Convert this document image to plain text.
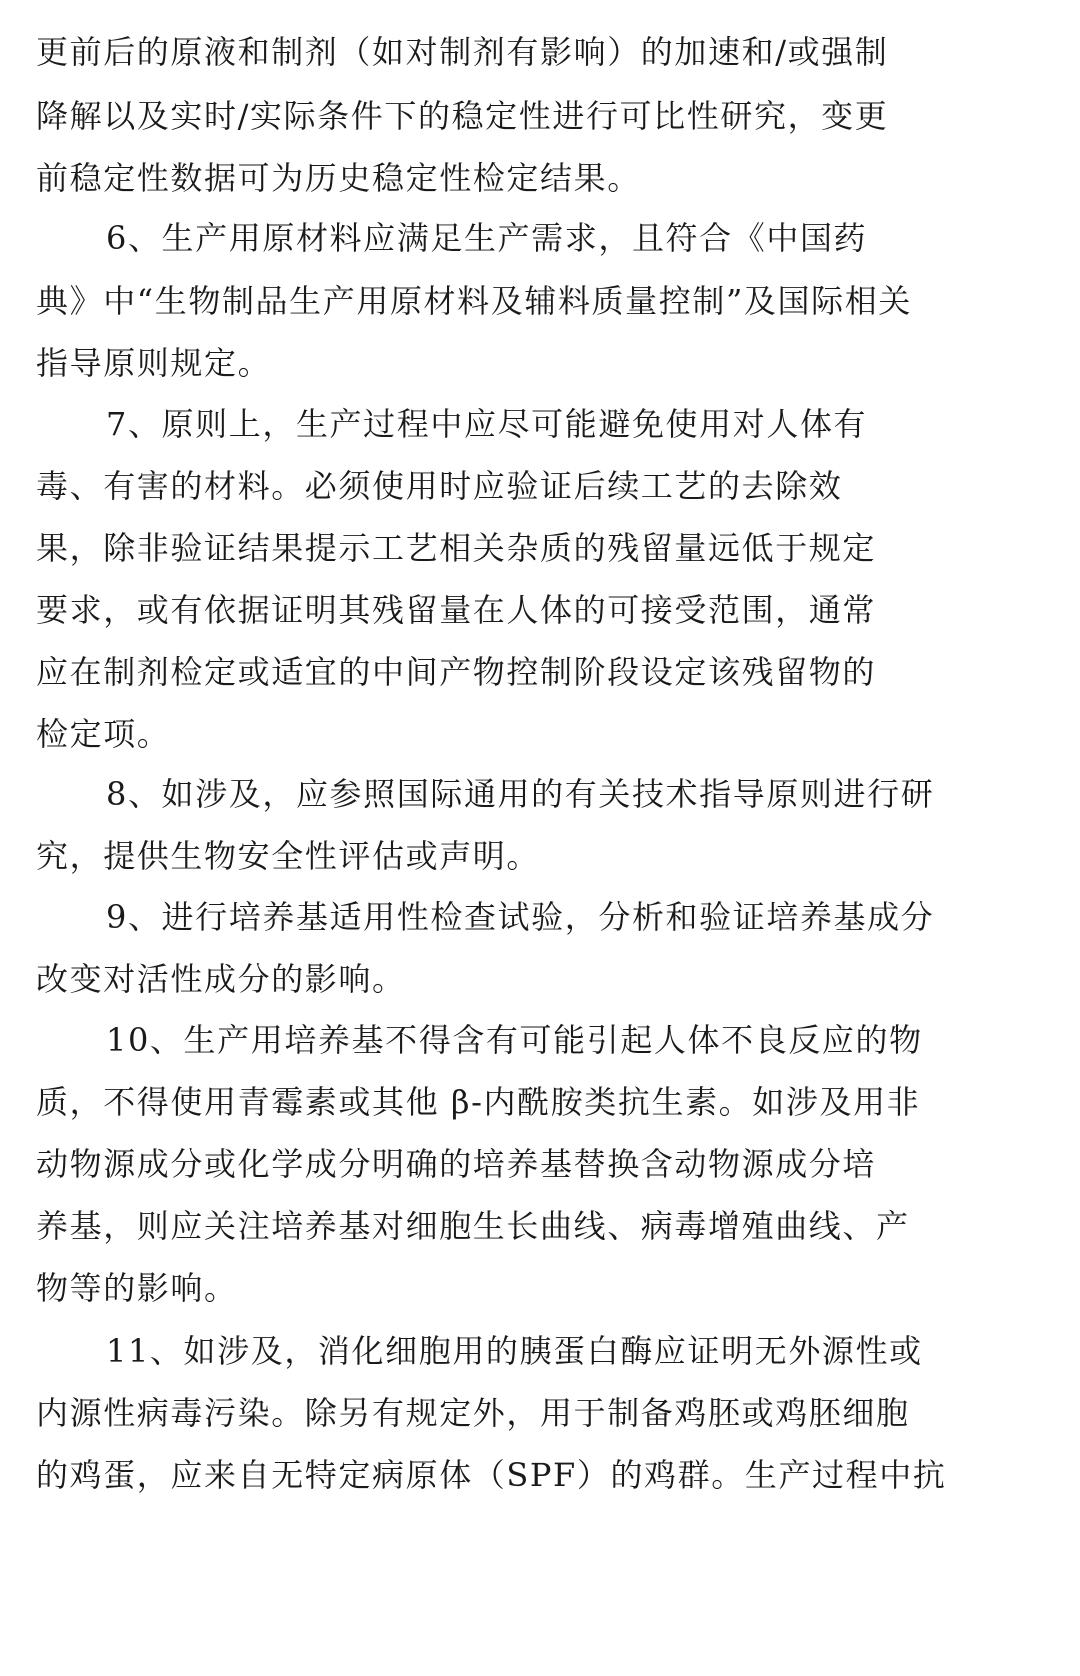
更前后的原液和制剂（如对制剂有影响）的加速和/或强制
降解以及实时/实际条件下的稳定性进行可比性研究，变更
前稳定性数据可为历史稳定性检定结果。
6、生产用原材料应满足生产需求，且符合《中国药
典》中“生物制品生产用原材料及辅料质量控制”及国际相关
指导原则规定。
7、原则上，生产过程中应尽可能避免使用对人体有
毒、有害的材料。必须使用时应验证后续工艺的去除效
果，除非验证结果提示工艺相关杂质的残留量远低于规定
要求，或有依据证明其残留量在人体的可接受范围，通常
应在制剂检定或适宜的中间产物控制阶段设定该残留物的
检定项。
8、如涉及，应参照国际通用的有关技术指导原则进行研
究，提供生物安全性评估或声明。
9、进行培养基适用性检查试验，分析和验证培养基成分
改变对活性成分的影响。
10、生产用培养基不得含有可能引起人体不良反应的物
质，不得使用青霉素或其他 β-内酰胺类抗生素。如涉及用非
动物源成分或化学成分明确的培养基替换含动物源成分培
养基，则应关注培养基对细胞生长曲线、病毒增殖曲线、产
物等的影响。
11、如涉及，消化细胞用的胰蛋白酶应证明无外源性或
内源性病毒污染。除另有规定外，用于制备鸡胚或鸡胚细胞
的鸡蛋，应来自无特定病原体（SPF）的鸡群。生产过程中抗
